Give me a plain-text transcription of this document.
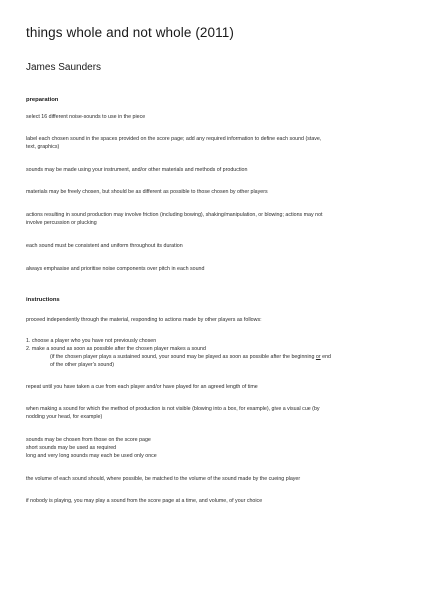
things whole and not whole (2011)
James Saunders
preparation
select 16 different noise-sounds to use in the piece
label each chosen sound in the spaces provided on the score page; add any required information to define each sound (stave,
text, graphics)
sounds may be made using your instrument, and/or other materials and methods of production
materials may be freely chosen, but should be as different as possible to those chosen by other players
actions resulting in sound production may involve friction (including bowing), shaking/manipulation, or blowing; actions may not
involve percussion or plucking
each sound must be consistent and uniform throughout its duration
always emphasise and prioritise noise components over pitch in each sound
instructions
proceed independently through the material, responding to actions made by other players as follows:
1. choose a player who you have not previously chosen
2. make a sound as soon as possible after the chosen player makes a sound
(if the chosen player plays a sustained sound, your sound may be played as soon as possible after the beginning or end
of the other player's sound)
repeat until you have taken a cue from each player and/or have played for an agreed length of time
when making a sound for which the method of production is not visible (blowing into a box, for example), give a visual cue (by
nodding your head, for example)
sounds may be chosen from those on the score page
short sounds may be used as required
long and very long sounds may each be used only once
the volume of each sound should, where possible, be matched to the volume of the sound made by the cueing player
if nobody is playing, you may play a sound from the score page at a time, and volume, of your choice
